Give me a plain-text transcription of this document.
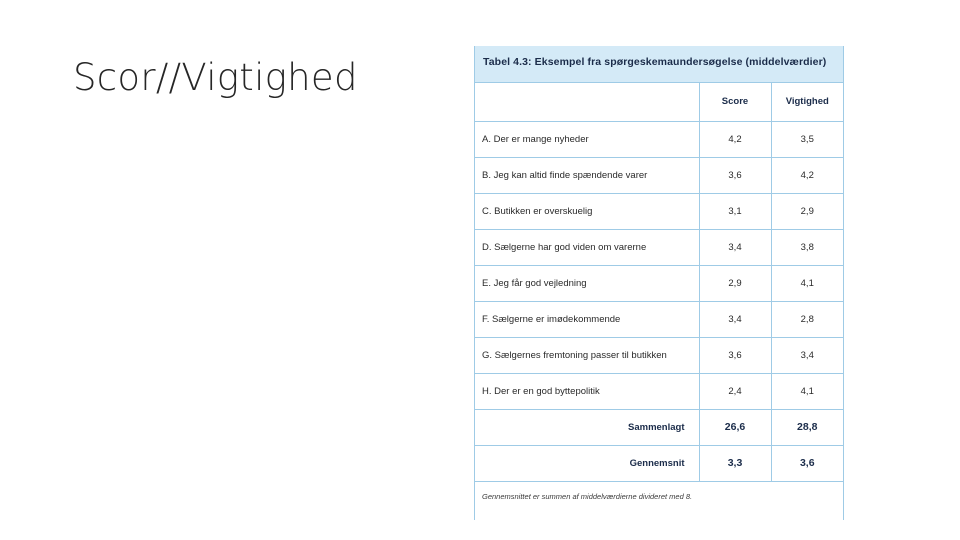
Scor//Vigtighed	Tabel 4.3: Eksempel fra spørgeskemaundersøgelse (middelværdier)
	Score	Vigtighed
A. Der er mange nyheder	4,2	3,5
B. Jeg kan altid finde spændende varer	3,6	4,2
C. Butikken er overskuelig	3,1	2,9
D. Sælgerne har god viden om varerne	3,4	3,8
E. Jeg får god vejledning	2,9	4,1
F. Sælgerne er imødekommende	3,4	2,8
G. Sælgernes fremtoning passer til butikken	3,6	3,4
H. Der er en god byttepolitik	2,4	4,1
Sammenlagt	26,6	28,8
Gennemsnit	3,3	3,6
Gennemsnittet er summen af middelværdierne divideret med 8.
